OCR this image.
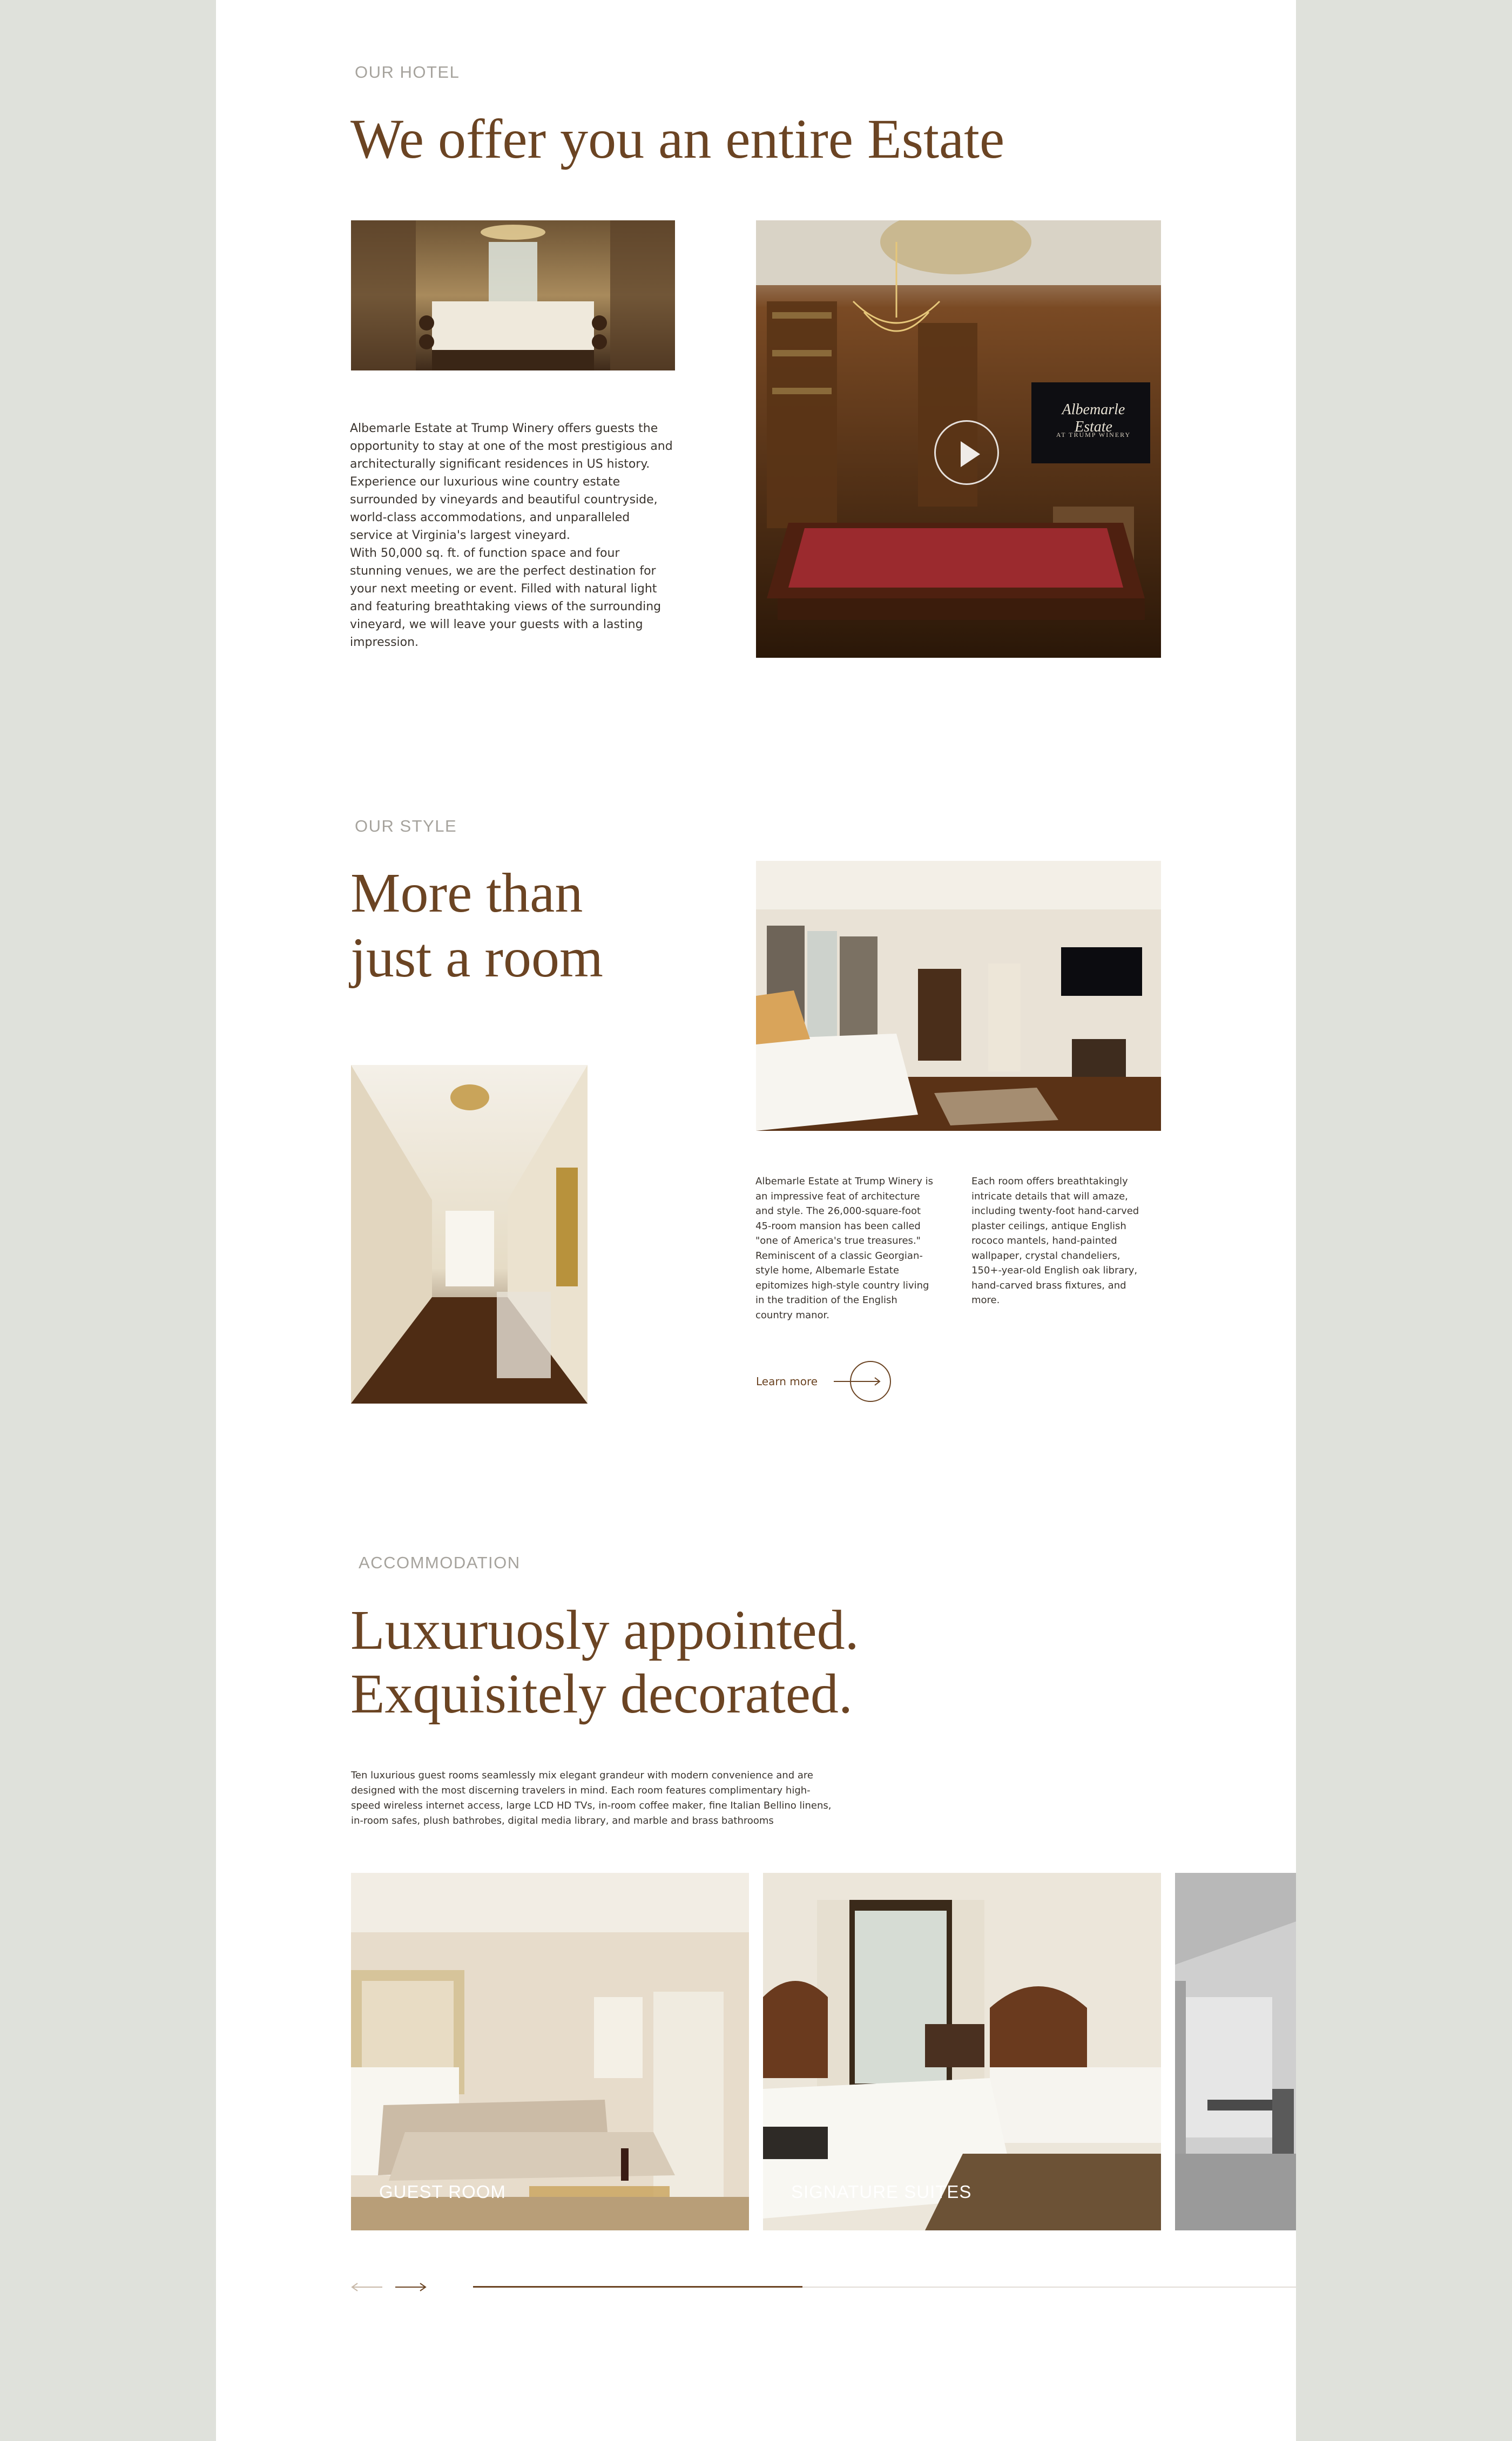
OUR HOTEL
We offer you an entire Estate
Albemarle Estate at Trump Winery offers guests the opportunity to stay at one of the most prestigious and architecturally significant residences in US history.
Experience our luxurious wine country estate surrounded by vineyards and beautiful countryside, world-class accommodations, and unparalleled service at Virginia's largest vineyard.
With 50,000 sq. ft. of function space and four stunning venues, we are the perfect destination for your next meeting or event. Filled with natural light and featuring breathtaking views of the surrounding vineyard, we will leave your guests with a lasting impression.
Albemarle Estate
AT TRUMP WINERY
OUR STYLE
More than
just a room
Albemarle Estate at Trump Winery is an impressive feat of architecture and style. The 26,000-square-foot 45-room mansion has been called "one of America's true treasures." Reminiscent of a classic Georgian-style home, Albemarle Estate epitomizes high-style country living in the tradition of the English country manor.
Each room offers breathtakingly intricate details that will amaze, including twenty-foot hand-carved plaster ceilings, antique English rococo mantels, hand-painted wallpaper, crystal chandeliers, 150+-year-old English oak library, hand-carved brass fixtures, and more.
Learn more
ACCOMMODATION
Luxuruosly appointed.
Exquisitely decorated.
Ten luxurious guest rooms seamlessly mix elegant grandeur with modern convenience and are designed with the most discerning travelers in mind. Each room features complimentary high-speed wireless internet access, large LCD HD TVs, in-room coffee maker, fine Italian Bellino linens, in-room safes, plush bathrobes, digital media library, and marble and brass bathrooms
GUEST ROOM	SIGNATURE SUITES
